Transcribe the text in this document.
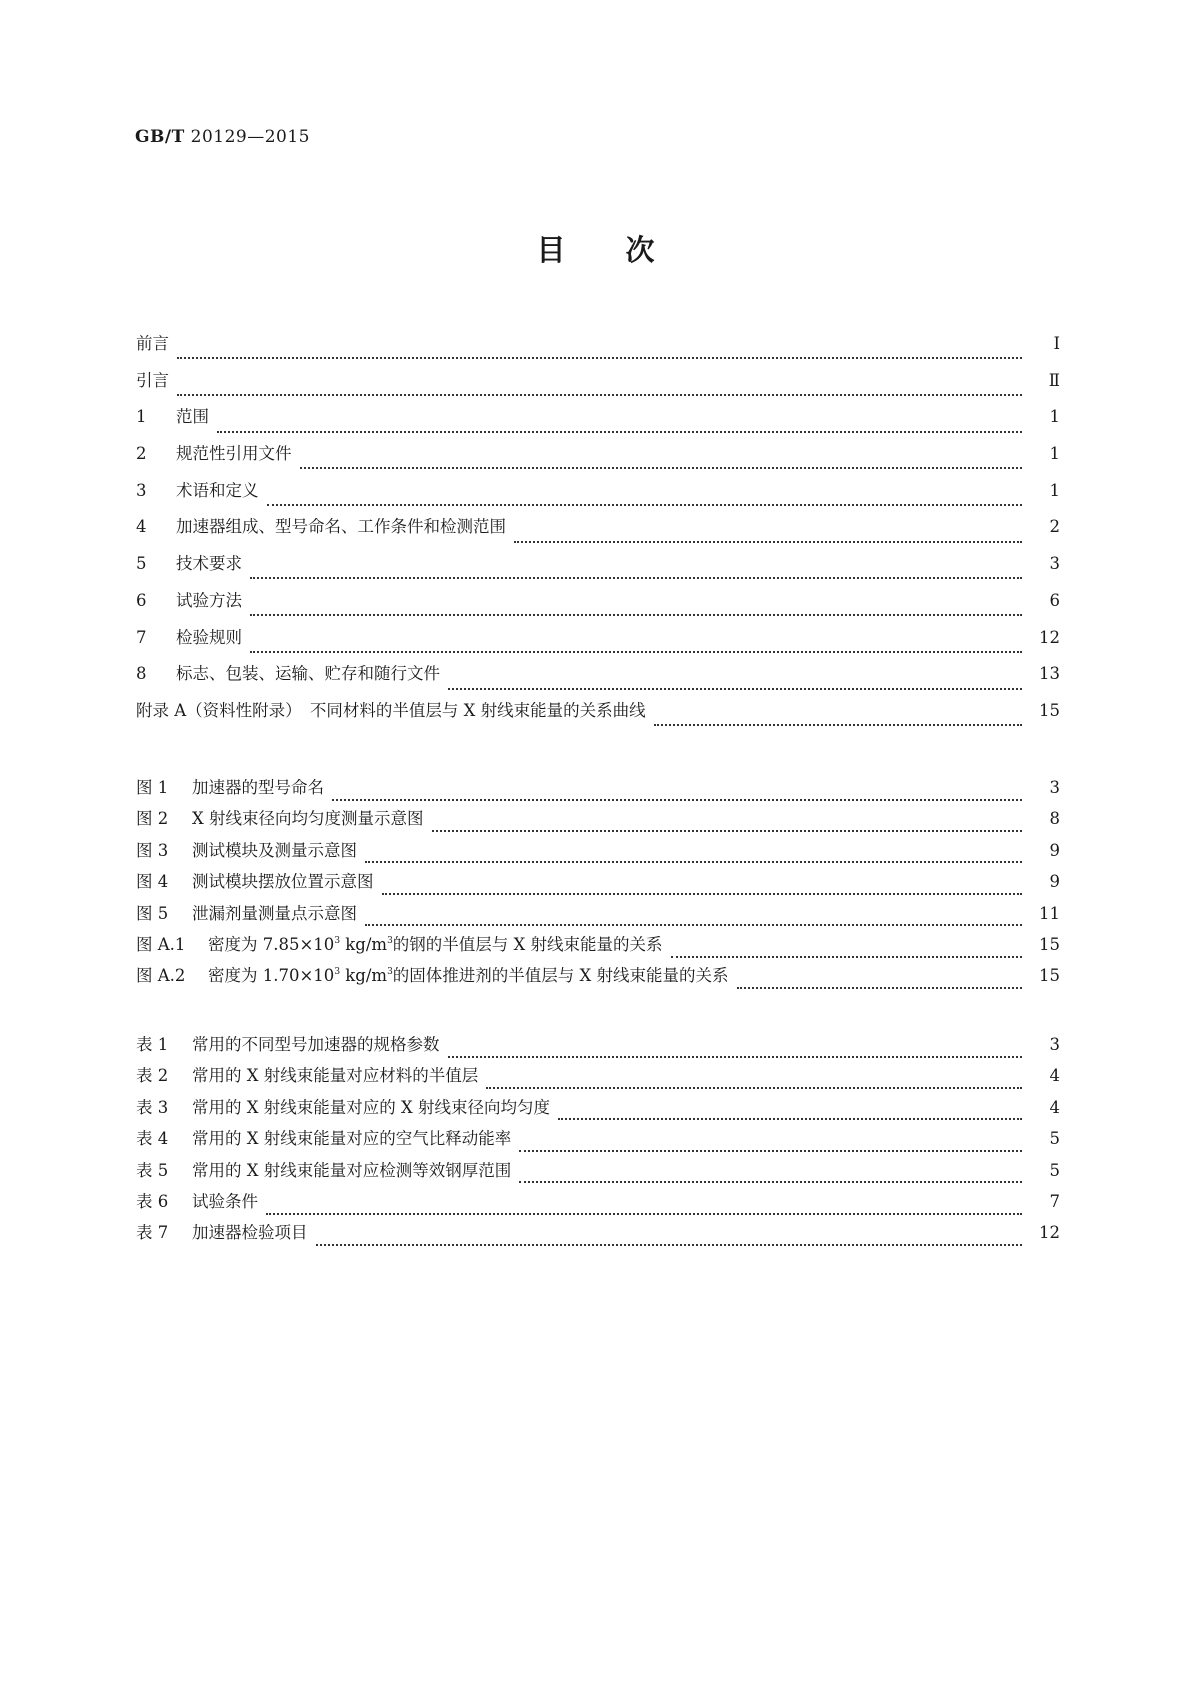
GB/T 20129—2015
目次
前言	Ⅰ
引言	Ⅱ
1 范围	1
2 规范性引用文件	1
3 术语和定义	1
4 加速器组成、型号命名、工作条件和检测范围	2
5 技术要求	3
6 试验方法	6
7 检验规则	12
8 标志、包装、运输、贮存和随行文件	13
附录 A（资料性附录）　不同材料的半值层与 X 射线束能量的关系曲线	15
图 1 加速器的型号命名	3
图 2 X 射线束径向均匀度测量示意图	8
图 3 测试模块及测量示意图	9
图 4 测试模块摆放位置示意图	9
图 5 泄漏剂量测量点示意图	11
图 A.1 密度为 $7.85\times 10^3$ $kg/m^3$的钢的半值层与 X 射线束能量的关系	15
图 A.2 密度为 $1.70\times 10^3$ $kg/m^3$的固体推进剂的半值层与 X 射线束能量的关系	15
表 1 常用的不同型号加速器的规格参数	3
表 2 常用的 X 射线束能量对应材料的半值层	4
表 3 常用的 X 射线束能量对应的 X 射线束径向均匀度	4
表 4 常用的 X 射线束能量对应的空气比释动能率	5
表 5 常用的 X 射线束能量对应检测等效钢厚范围	5
表 6 试验条件	7
表 7 加速器检验项目	12
